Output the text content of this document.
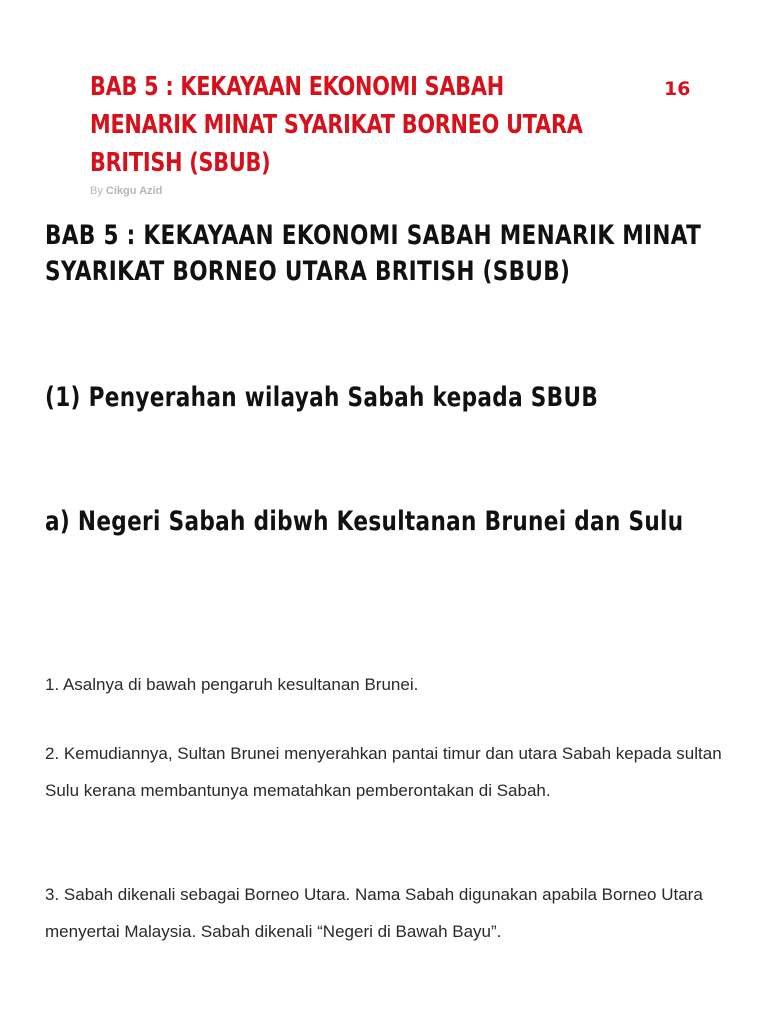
BAB 5 : KEKAYAAN EKONOMI SABAH MENARIK MINAT SYARIKAT BORNEO UTARA BRITISH (SBUB)
16
By Cikgu Azid
BAB 5 : KEKAYAAN EKONOMI SABAH MENARIK MINAT SYARIKAT BORNEO UTARA BRITISH (SBUB)
(1) Penyerahan wilayah Sabah kepada SBUB
a) Negeri Sabah dibwh Kesultanan Brunei dan Sulu

1. Asalnya di bawah pengaruh kesultanan Brunei.

2. Kemudiannya, Sultan Brunei menyerahkan pantai timur dan utara Sabah kepada sultan Sulu kerana membantunya mematahkan pemberontakan di Sabah.

3. Sabah dikenali sebagai Borneo Utara. Nama Sabah digunakan apabila Borneo Utara menyertai Malaysia. Sabah dikenali “Negeri di Bawah Bayu”.
